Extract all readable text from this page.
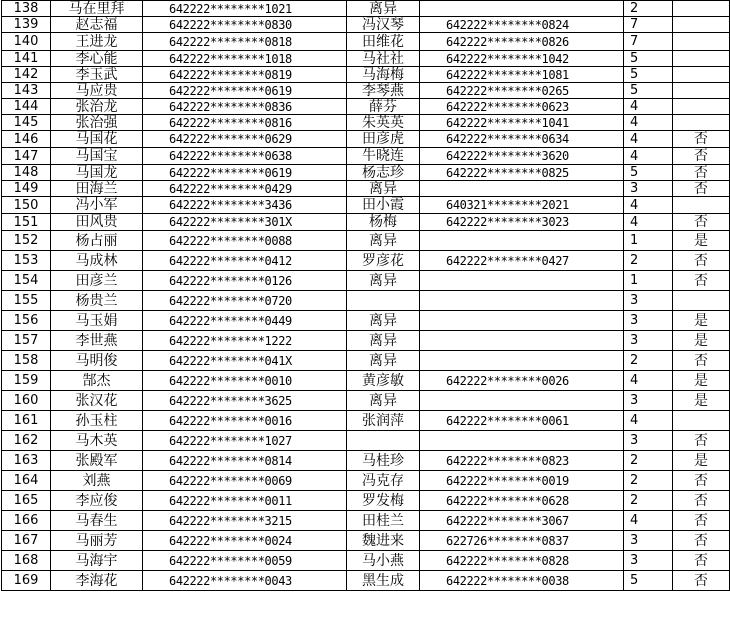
138	马在里拜	642222********1021	离异		2	
139	赵志福	642222********0830	冯汉琴	642222********0824	7	
140	王进龙	642222********0818	田维花	642222********0826	7	
141	李心能	642222********1018	马社社	642222********1042	5	
142	李玉武	642222********0819	马海梅	642222********1081	5	
143	马应贵	642222********0619	李琴燕	642222********0265	5	
144	张治龙	642222********0836	薛芬	642222********0623	4	
145	张治强	642222********0816	朱英英	642222********1041	4	
146	马国花	642222********0629	田彦虎	642222********0634	4	否
147	马国宝	642222********0638	牛晓连	642222********3620	4	否
148	马国龙	642222********0619	杨志珍	642222********0825	5	否
149	田海兰	642222********0429	离异		3	否
150	冯小军	642222********3436	田小霞	640321********2021	4	
151	田风贵	642222********301X	杨梅	642222********3023	4	否
152	杨占丽	642222********0088	离异		1	是
153	马成林	642222********0412	罗彦花	642222********0427	2	否
154	田彦兰	642222********0126	离异		1	否
155	杨贵兰	642222********0720			3	
156	马玉娟	642222********0449	离异		3	是
157	李世燕	642222********1222	离异		3	是
158	马明俊	642222********041X	离异		2	否
159	郜杰	642222********0010	黄彦敏	642222********0026	4	是
160	张汉花	642222********3625	离异		3	是
161	孙玉柱	642222********0016	张润萍	642222********0061	4	
162	马木英	642222********1027			3	否
163	张殿军	642222********0814	马桂珍	642222********0823	2	是
164	刘燕	642222********0069	冯克存	642222********0019	2	否
165	李应俊	642222********0011	罗发梅	642222********0628	2	否
166	马春生	642222********3215	田桂兰	642222********3067	4	否
167	马丽芳	642222********0024	魏进来	622726********0837	3	否
168	马海宇	642222********0059	马小燕	642222********0828	3	否
169	李海花	642222********0043	黑生成	642222********0038	5	否
